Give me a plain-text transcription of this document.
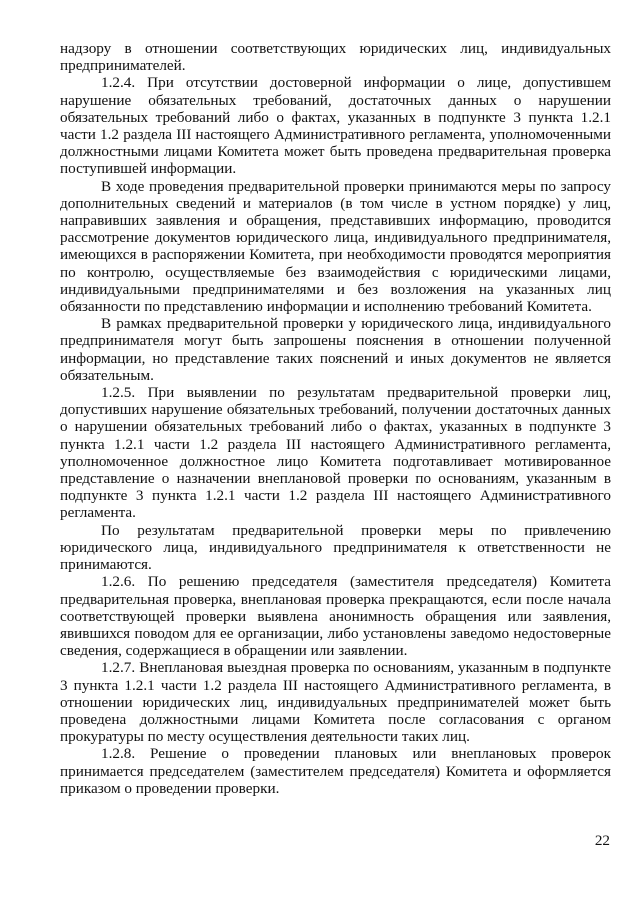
надзору в отношении соответствующих юридических лиц, индивидуальных предпринимателей.

1.2.4. При отсутствии достоверной информации о лице, допустившем нарушение обязательных требований, достаточных данных о нарушении обязательных требований либо о фактах, указанных в подпункте 3 пункта 1.2.1 части 1.2 раздела III настоящего Административного регламента, уполномоченными должностными лицами Комитета может быть проведена предварительная проверка поступившей информации.

В ходе проведения предварительной проверки принимаются меры по запросу дополнительных сведений и материалов (в том числе в устном порядке) у лиц, направивших заявления и обращения, представивших информацию, проводится рассмотрение документов юридического лица, индивидуального предпринимателя, имеющихся в распоряжении Комитета, при необходимости проводятся мероприятия по контролю, осуществляемые без взаимодействия с юридическими лицами, индивидуальными предпринимателями и без возложения на указанных лиц обязанности по представлению информации и исполнению требований Комитета.

В рамках предварительной проверки у юридического лица, индивидуального предпринимателя могут быть запрошены пояснения в отношении полученной информации, но представление таких пояснений и иных документов не является обязательным.

1.2.5. При выявлении по результатам предварительной проверки лиц, допустивших нарушение обязательных требований, получении достаточных данных о нарушении обязательных требований либо о фактах, указанных в подпункте 3 пункта 1.2.1 части 1.2 раздела III настоящего Административного регламента, уполномоченное должностное лицо Комитета подготавливает мотивированное представление о назначении внеплановой проверки по основаниям, указанным в подпункте 3 пункта 1.2.1 части 1.2 раздела III настоящего Административного регламента.

По результатам предварительной проверки меры по привлечению юридического лица, индивидуального предпринимателя к ответственности не принимаются.

1.2.6. По решению председателя (заместителя председателя) Комитета предварительная проверка, внеплановая проверка прекращаются, если после начала соответствующей проверки выявлена анонимность обращения или заявления, явившихся поводом для ее организации, либо установлены заведомо недостоверные сведения, содержащиеся в обращении или заявлении.

1.2.7. Внеплановая выездная проверка по основаниям, указанным в подпункте 3 пункта 1.2.1 части 1.2 раздела III настоящего Административного регламента, в отношении юридических лиц, индивидуальных предпринимателей может быть проведена должностными лицами Комитета после согласования с органом прокуратуры по месту осуществления деятельности таких лиц.

1.2.8. Решение о проведении плановых или внеплановых проверок принимается председателем (заместителем председателя) Комитета и оформляется приказом о проведении проверки.

22
